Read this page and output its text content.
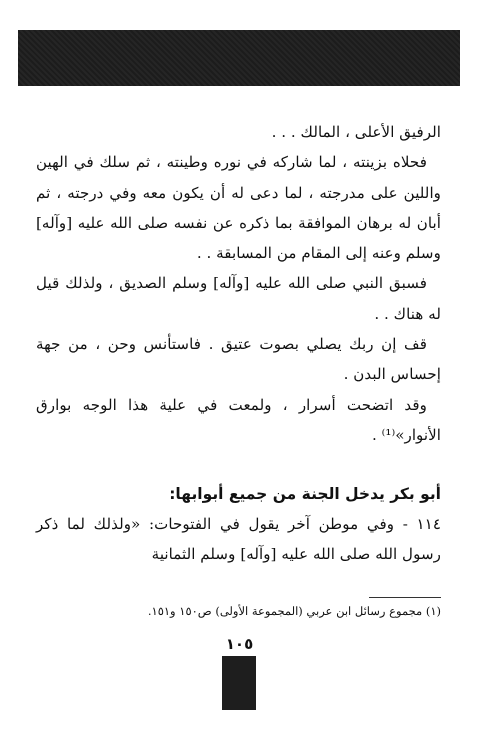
الرفيق الأعلى ، المالك . . .

فحلاه بزينته ، لما شاركه في نوره وطينته ، ثم سلك في الهين واللين على مدرجته ، لما دعى له أن يكون معه وفي درجته ، ثم أبان له برهان الموافقة بما ذكره عن نفسه صلى الله عليه [وآله] وسلم وعنه إلى المقام من المسابقة . .

فسبق النبي صلى الله عليه [وآله] وسلم الصديق ، ولذلك قيل له هناك . .

قف إن ربك يصلي بصوت عتيق . فاستأنس وحن ، من جهة إحساس البدن .

وقد اتضحت أسرار ، ولمعت في علية هذا الوجه بوارق الأنوار»⁽¹⁾ .

أبو بكر يدخل الجنة من جميع أبوابها:

١١٤ - وفي موطن آخر يقول في الفتوحات: «ولذلك لما ذكر رسول الله صلى الله عليه [وآله] وسلم الثمانية

(١) مجموع رسائل ابن عربي (المجموعة الأولى) ص١٥٠ و١٥١.
١٠٥
